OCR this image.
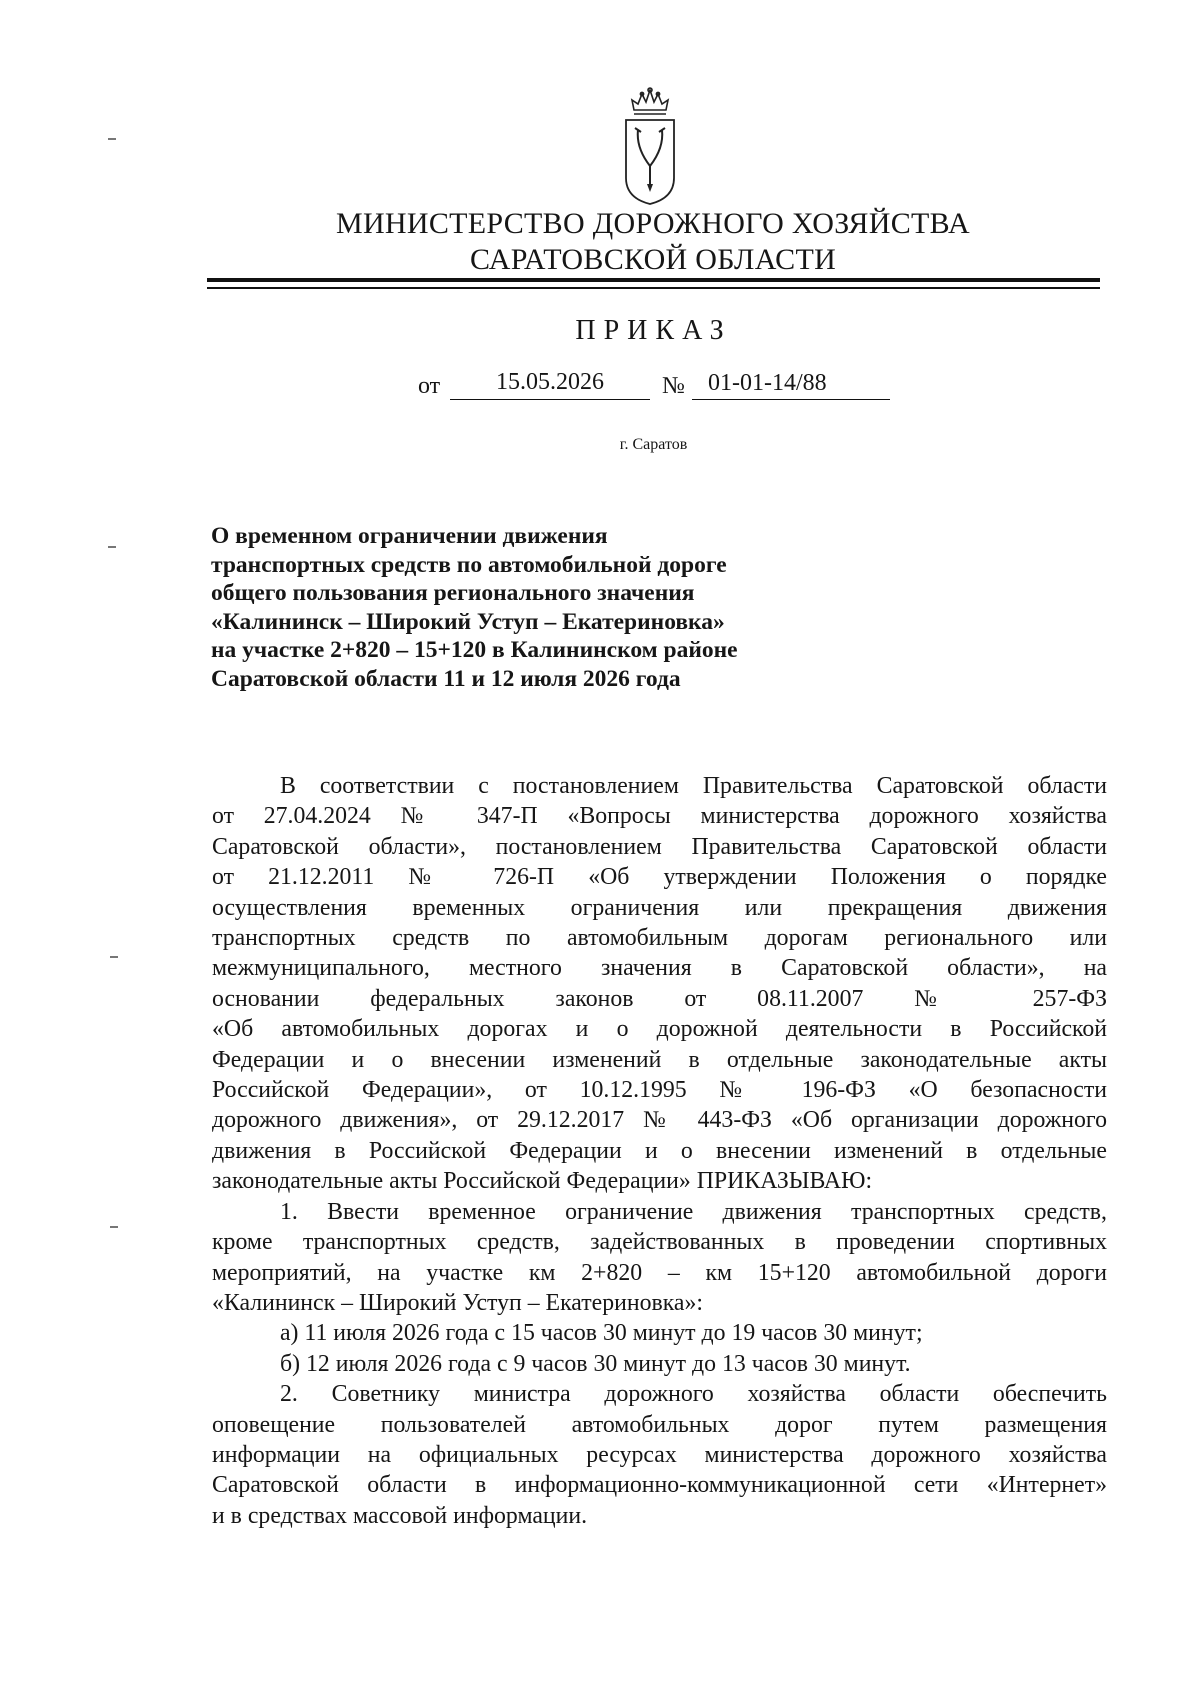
МИНИСТЕРСТВО ДОРОЖНОГО ХОЗЯЙСТВА
САРАТОВСКОЙ ОБЛАСТИ
ПРИКАЗ
от	15.05.2026	№ 01-01-14/88
г. Саратов
О временном ограничении движения
транспортных средств по автомобильной дороге
общего пользования регионального значения
«Калининск – Широкий Уступ – Екатериновка»
на участке 2+820 – 15+120 в Калининском районе
Саратовской области 11 и 12 июля 2026 года
В соответствии с постановлением Правительства Саратовской области
от 27.04.2024 № 347-П «Вопросы министерства дорожного хозяйства
Саратовской области», постановлением Правительства Саратовской области
от 21.12.2011 № 726-П «Об утверждении Положения о порядке
осуществления временных ограничения или прекращения движения
транспортных средств по автомобильным дорогам регионального или
межмуниципального, местного значения в Саратовской области», на
основании федеральных законов от 08.11.2007 № 257-ФЗ
«Об автомобильных дорогах и о дорожной деятельности в Российской
Федерации и о внесении изменений в отдельные законодательные акты
Российской Федерации», от 10.12.1995 № 196-ФЗ «О безопасности
дорожного движения», от 29.12.2017 № 443-ФЗ «Об организации дорожного
движения в Российской Федерации и о внесении изменений в отдельные
законодательные акты Российской Федерации» ПРИКАЗЫВАЮ:
1. Ввести временное ограничение движения транспортных средств,
кроме транспортных средств, задействованных в проведении спортивных
мероприятий, на участке км 2+820 – км 15+120 автомобильной дороги
«Калининск – Широкий Уступ – Екатериновка»:
а) 11 июля 2026 года с 15 часов 30 минут до 19 часов 30 минут;
б) 12 июля 2026 года с 9 часов 30 минут до 13 часов 30 минут.
2. Советнику министра дорожного хозяйства области обеспечить
оповещение пользователей автомобильных дорог путем размещения
информации на официальных ресурсах министерства дорожного хозяйства
Саратовской области в информационно-коммуникационной сети «Интернет»
и в средствах массовой информации.
